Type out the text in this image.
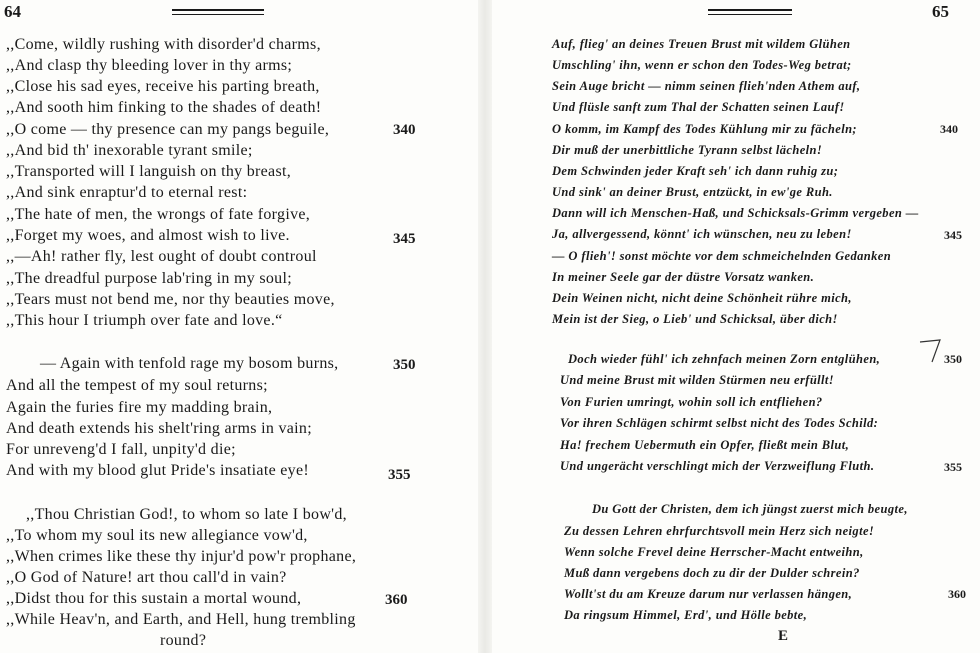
64
,,Come, wildly rushing with disorder'd charms,
,,And clasp thy bleeding lover in thy arms;
,,Close his sad eyes, receive his parting breath,
,,And sooth him finking to the shades of death!
,,O come — thy presence can my pangs beguile,	340
,,And bid th' inexorable tyrant smile;
,,Transported will I languish on thy breast,
,,And sink enraptur'd to eternal rest:
,,The hate of men, the wrongs of fate forgive,
,,Forget my woes, and almost wish to live.	345
,,—Ah! rather fly, lest ought of doubt controul
,,The dreadful purpose lab'ring in my soul;
,,Tears must not bend me, nor thy beauties move,
,,This hour I triumph over fate and love.“
— Again with tenfold rage my bosom burns,	350
And all the tempest of my soul returns;
Again the furies fire my madding brain,
And death extends his shelt'ring arms in vain;
For unreveng'd I fall, unpity'd die;
And with my blood glut Pride's insatiate eye!	355
,,Thou Christian God!, to whom so late I bow'd,
,,To whom my soul its new allegiance vow'd,
,,When crimes like these thy injur'd pow'r prophane,
,,O God of Nature! art thou call'd in vain?
,,Didst thou for this sustain a mortal wound,	360
,,While Heav'n, and Earth, and Hell, hung trembling
round?
65
Auf, flieg' an deines Treuen Brust mit wildem Glühen
Umschling' ihn, wenn er schon den Todes-Weg betrat;
Sein Auge bricht — nimm seinen flieh'nden Athem auf,
Und flüsle sanft zum Thal der Schatten seinen Lauf!
O komm, im Kampf des Todes Kühlung mir zu fächeln;	340
Dir muß der unerbittliche Tyrann selbst lächeln!
Dem Schwinden jeder Kraft seh' ich dann ruhig zu;
Und sink' an deiner Brust, entzückt, in ew'ge Ruh.
Dann will ich Menschen-Haß, und Schicksals-Grimm vergeben —
Ja, allvergessend, könnt' ich wünschen, neu zu leben!	345
— O flieh'! sonst möchte vor dem schmeichelnden Gedanken
In meiner Seele gar der düstre Vorsatz wanken.
Dein Weinen nicht, nicht deine Schönheit rühre mich,
Mein ist der Sieg, o Lieb' und Schicksal, über dich!
Doch wieder fühl' ich zehnfach meinen Zorn entglühen,	350
Und meine Brust mit wilden Stürmen neu erfüllt!
Von Furien umringt, wohin soll ich entfliehen?
Vor ihren Schlägen schirmt selbst nicht des Todes Schild:
Ha! frechem Uebermuth ein Opfer, fließt mein Blut,
Und ungerächt verschlingt mich der Verzweiflung Fluth.	355
Du Gott der Christen, dem ich jüngst zuerst mich beugte,
Zu dessen Lehren ehrfurchtsvoll mein Herz sich neigte!
Wenn solche Frevel deine Herrscher-Macht entweihn,
Muß dann vergebens doch zu dir der Dulder schrein?
Wollt'st du am Kreuze darum nur verlassen hängen,	360
Da ringsum Himmel, Erd', und Hölle bebte,
E
